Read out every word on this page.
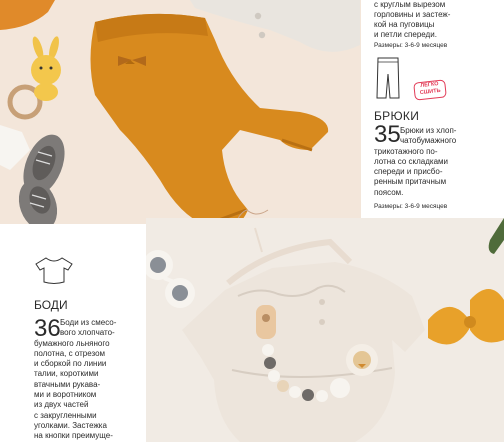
с круглым вырезом
горловины и застеж-
кой на пуговицы
и петли спереди.
Размеры: 3-6-9 месяцев
ЛЕГКО
СШИТЬ
БРЮКИ
35 Брюки из хлоп-
чатобумажного
трикотажного по-
лотна со складками
спереди и присбо-
ренным притачным
поясом.
Размеры: 3-6-9 месяцев
БОДИ
36 Боди из смесо-
вого хлопчато-
бумажного льняного
полотна, с отрезом
и сборкой по линии
талии, короткими
втачными рукава-
ми и воротником
из двух частей
с закругленными
уголками. Застежка
на кнопки преимуще-
